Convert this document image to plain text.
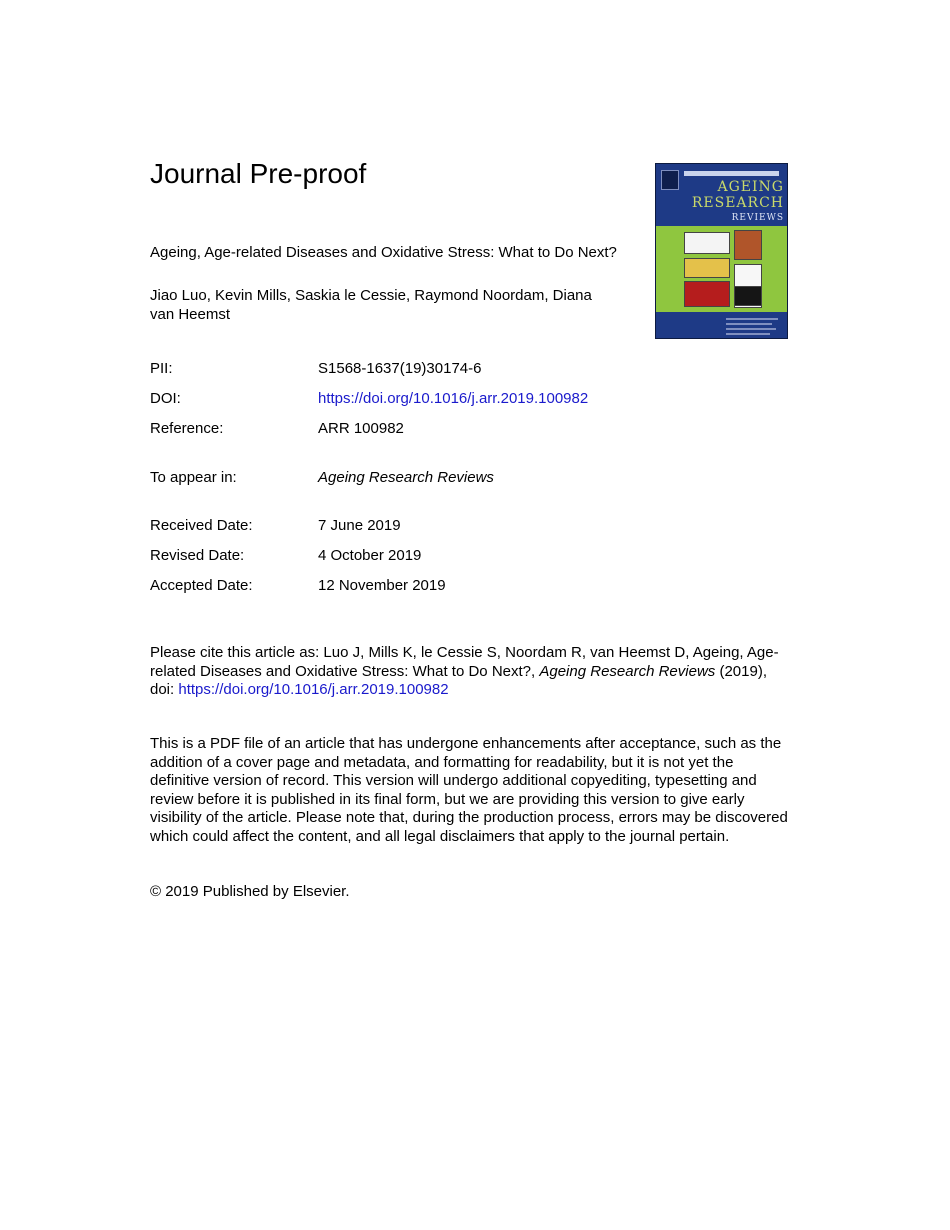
Journal Pre-proof
Ageing, Age-related Diseases and Oxidative Stress: What to Do Next?
Jiao Luo, Kevin Mills, Saskia le Cessie, Raymond Noordam, Diana van Heemst
AGEING
RESEARCH
REVIEWS
PII:	S1568-1637(19)30174-6
DOI:	https://doi.org/10.1016/j.arr.2019.100982
Reference:	ARR 100982
To appear in:	Ageing Research Reviews
Received Date:	7 June 2019
Revised Date:	4 October 2019
Accepted Date:	12 November 2019
Please cite this article as: Luo J, Mills K, le Cessie S, Noordam R, van Heemst D, Ageing, Age-related Diseases and Oxidative Stress: What to Do Next?, Ageing Research Reviews (2019), doi: https://doi.org/10.1016/j.arr.2019.100982
This is a PDF file of an article that has undergone enhancements after acceptance, such as the addition of a cover page and metadata, and formatting for readability, but it is not yet the definitive version of record. This version will undergo additional copyediting, typesetting and review before it is published in its final form, but we are providing this version to give early visibility of the article. Please note that, during the production process, errors may be discovered which could affect the content, and all legal disclaimers that apply to the journal pertain.
© 2019 Published by Elsevier.
